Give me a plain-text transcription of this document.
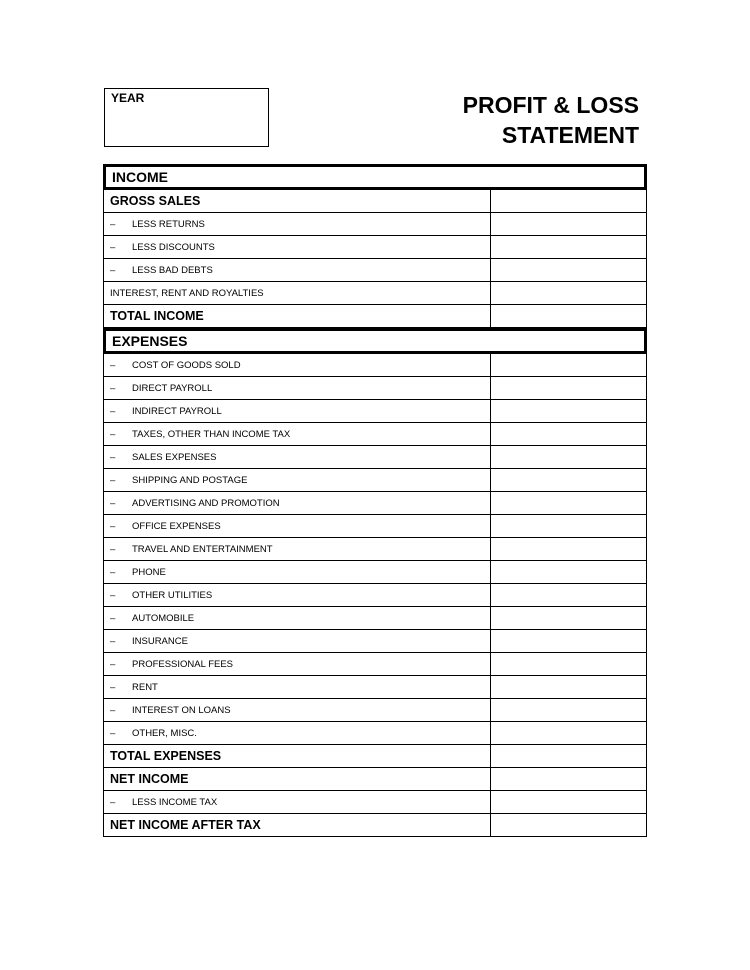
YEAR	PROFIT & LOSS
STATEMENT
INCOME
GROSS SALES
–	LESS RETURNS
–	LESS DISCOUNTS
–	LESS BAD DEBTS
INTEREST, RENT AND ROYALTIES
TOTAL INCOME
EXPENSES
–	COST OF GOODS SOLD
–	DIRECT PAYROLL
–	INDIRECT PAYROLL
–	TAXES, OTHER THAN INCOME TAX
–	SALES EXPENSES
–	SHIPPING AND POSTAGE
–	ADVERTISING AND PROMOTION
–	OFFICE EXPENSES
–	TRAVEL AND ENTERTAINMENT
–	PHONE
–	OTHER UTILITIES
–	AUTOMOBILE
–	INSURANCE
–	PROFESSIONAL FEES
–	RENT
–	INTEREST ON LOANS
–	OTHER, MISC.
TOTAL EXPENSES
NET INCOME
–	LESS INCOME TAX
NET INCOME AFTER TAX
